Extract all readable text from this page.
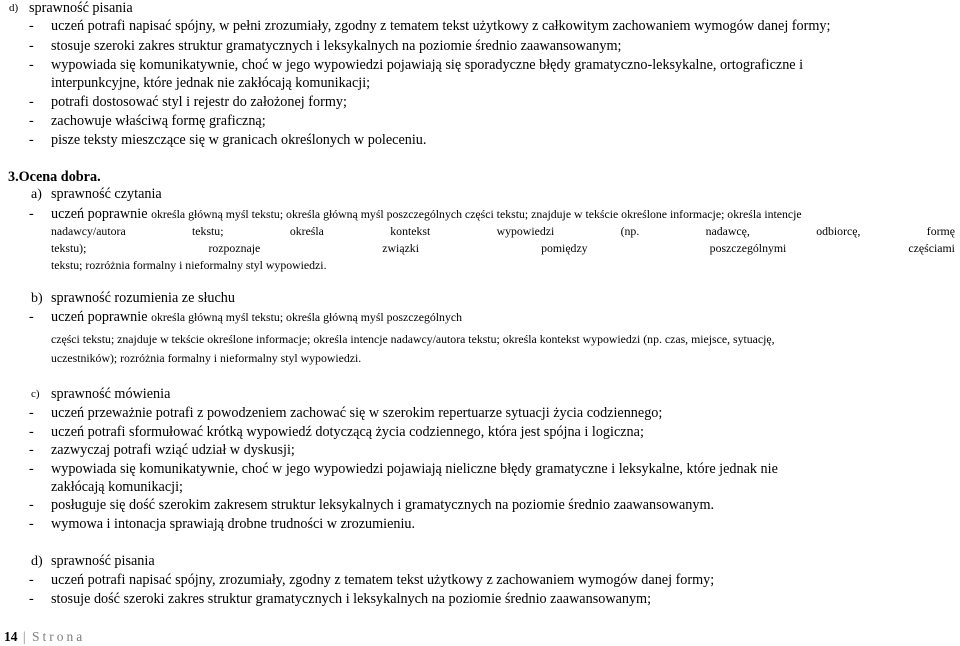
d) sprawność pisania
- uczeń potrafi napisać spójny, w pełni zrozumiały, zgodny z tematem tekst użytkowy z całkowitym zachowaniem wymogów danej formy;
- stosuje szeroki zakres struktur gramatycznych i leksykalnych na poziomie średnio zaawansowanym;
- wypowiada się komunikatywnie, choć w jego wypowiedzi pojawiają się sporadyczne błędy gramatyczno-leksykalne, ortograficzne i
interpunkcyjne, które jednak nie zakłócają komunikacji;
- potrafi dostosować styl i rejestr do założonej formy;
- zachowuje właściwą formę graficzną;
- pisze teksty mieszczące się w granicach określonych w poleceniu.
3.Ocena dobra.
a) sprawność czytania
- uczeń poprawnie określa główną myśl tekstu; określa główną myśl poszczególnych części tekstu; znajduje w tekście określone informacje; określa intencje
nadawcy/autora	tekstu;	określa	kontekst	wypowiedzi	(np.	nadawcę,	odbiorcę,	formę
tekstu);	rozpoznaje	związki	pomiędzy	poszczególnymi	częściami
tekstu; rozróżnia formalny i nieformalny styl wypowiedzi.
b) sprawność rozumienia ze słuchu
- uczeń poprawnie określa główną myśl tekstu; określa główną myśl poszczególnych
części tekstu; znajduje w tekście określone informacje; określa intencje nadawcy/autora tekstu; określa kontekst wypowiedzi (np. czas, miejsce, sytuację,
uczestników); rozróżnia formalny i nieformalny styl wypowiedzi.
c) sprawność mówienia
- uczeń przeważnie potrafi z powodzeniem zachować się w szerokim repertuarze sytuacji życia codziennego;
- uczeń potrafi sformułować krótką wypowiedź dotyczącą życia codziennego, która jest spójna i logiczna;
- zazwyczaj potrafi wziąć udział w dyskusji;
- wypowiada się komunikatywnie, choć w jego wypowiedzi pojawiają nieliczne błędy gramatyczne i leksykalne, które jednak nie
zakłócają komunikacji;
- posługuje się dość szerokim zakresem struktur leksykalnych i gramatycznych na poziomie średnio zaawansowanym.
- wymowa i intonacja sprawiają drobne trudności w zrozumieniu.
d) sprawność pisania
- uczeń potrafi napisać spójny, zrozumiały, zgodny z tematem tekst użytkowy z zachowaniem wymogów danej formy;
- stosuje dość szeroki zakres struktur gramatycznych i leksykalnych na poziomie średnio zaawansowanym;
14 | Strona
